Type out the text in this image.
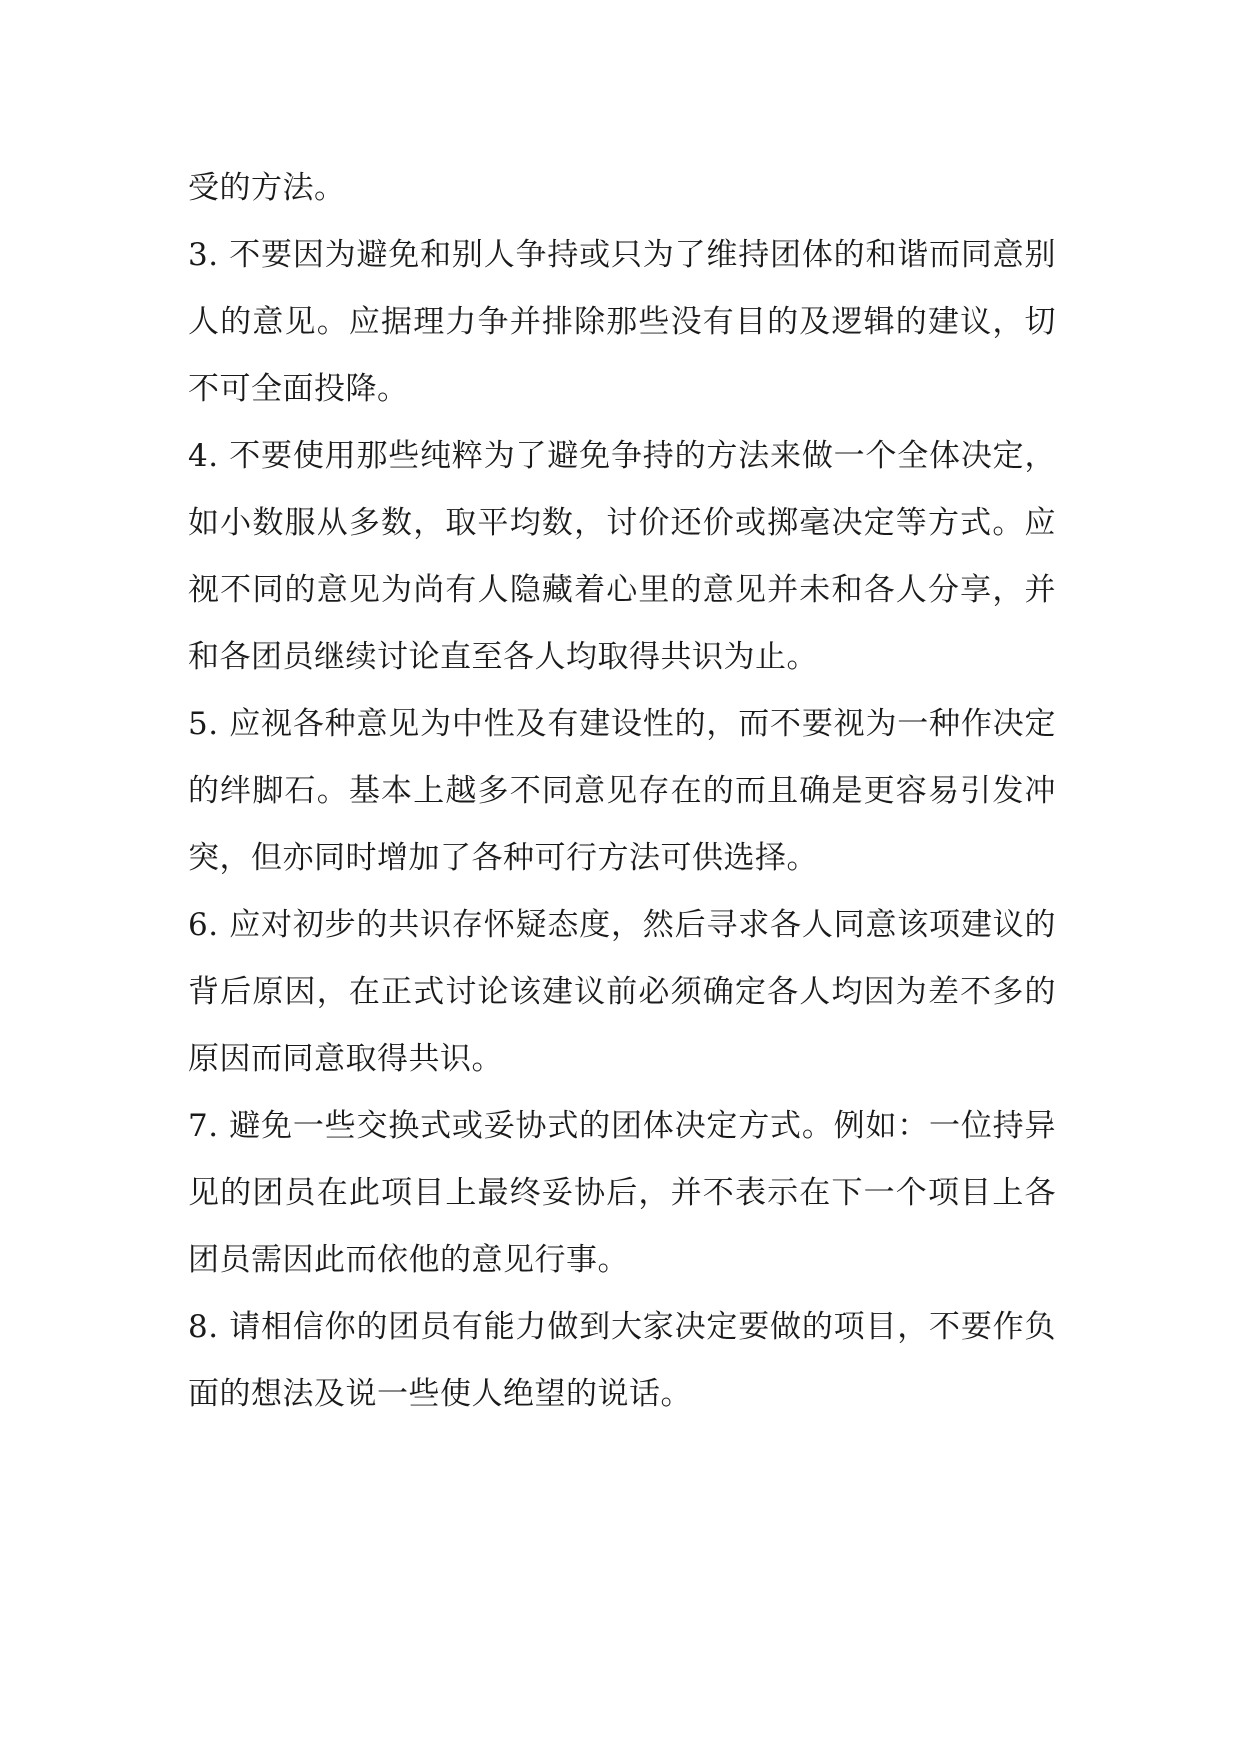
受的方法。

3. 不要因为避免和别人争持或只为了维持团体的和谐而同意别人的意见。应据理力争并排除那些没有目的及逻辑的建议，切不可全面投降。

4. 不要使用那些纯粹为了避免争持的方法来做一个全体决定，如小数服从多数，取平均数，讨价还价或掷毫决定等方式。应视不同的意见为尚有人隐藏着心里的意见并未和各人分享，并和各团员继续讨论直至各人均取得共识为止。

5. 应视各种意见为中性及有建设性的，而不要视为一种作决定的绊脚石。基本上越多不同意见存在的而且确是更容易引发冲突，但亦同时增加了各种可行方法可供选择。

6. 应对初步的共识存怀疑态度，然后寻求各人同意该项建议的背后原因，在正式讨论该建议前必须确定各人均因为差不多的原因而同意取得共识。

7. 避免一些交换式或妥协式的团体决定方式。例如：一位持异见的团员在此项目上最终妥协后，并不表示在下一个项目上各团员需因此而依他的意见行事。

8. 请相信你的团员有能力做到大家决定要做的项目，不要作负面的想法及说一些使人绝望的说话。
